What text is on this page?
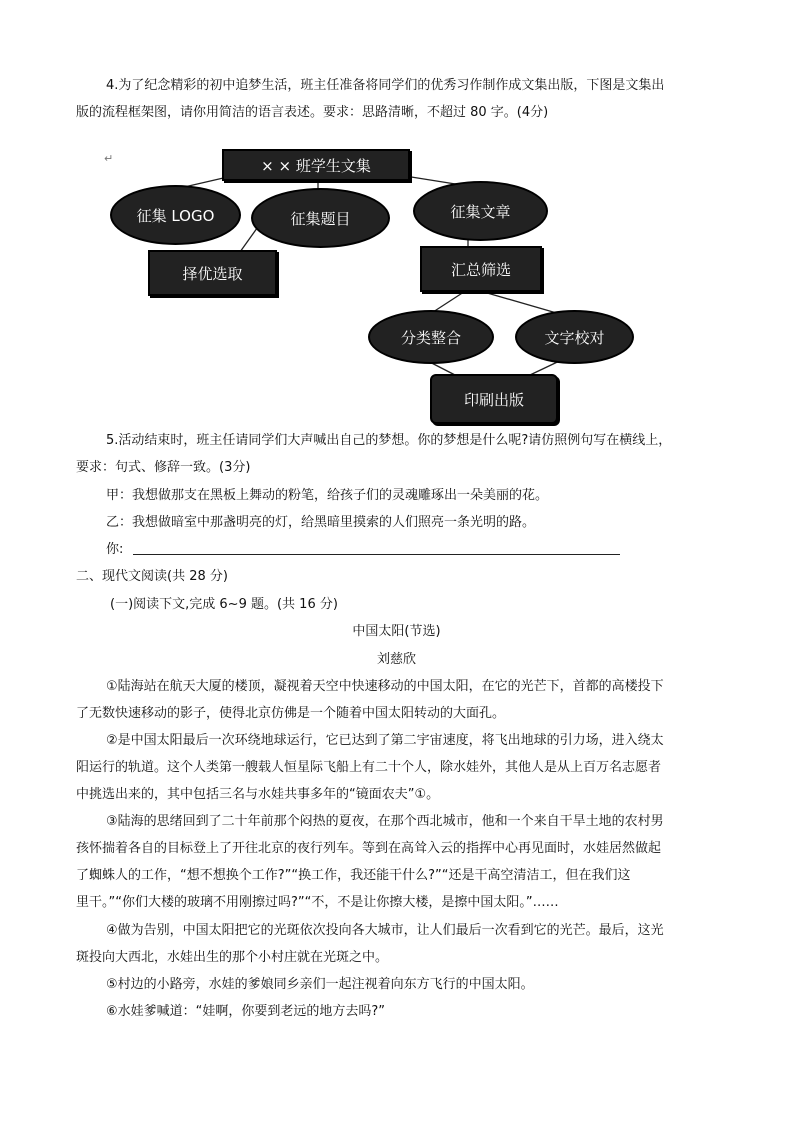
4.为了纪念精彩的初中追梦生活，班主任准备将同学们的优秀习作制作成文集出版，下图是文集出
版的流程框架图，请你用简洁的语言表述。要求：思路清晰，不超过 80 字。(4分)
↵	× × 班学生文集
征集 LOGO	征集题目	征集文章
择优选取	汇总筛选
分类整合	文字校对
印刷出版
5.活动结束时，班主任请同学们大声喊出自己的梦想。你的梦想是什么呢?请仿照例句写在横线上，
要求：句式、修辞一致。(3分)
甲：我想做那支在黑板上舞动的粉笔，给孩子们的灵魂雕琢出一朵美丽的花。
乙：我想做暗室中那盏明亮的灯，给黑暗里摸索的人们照亮一条光明的路。
你:
二、现代文阅读(共 28 分)
(一)阅读下文,完成 6~9 题。(共 16 分)
中国太阳(节选)
刘慈欣
①陆海站在航天大厦的楼顶，凝视着天空中快速移动的中国太阳，在它的光芒下，首都的高楼投下
了无数快速移动的影子，使得北京仿佛是一个随着中国太阳转动的大面孔。
②是中国太阳最后一次环绕地球运行，它已达到了第二宇宙速度，将飞出地球的引力场，进入绕太
阳运行的轨道。这个人类第一艘载人恒星际飞船上有二十个人，除水娃外，其他人是从上百万名志愿者
中挑选出来的，其中包括三名与水娃共事多年的“镜面农夫”①。
③陆海的思绪回到了二十年前那个闷热的夏夜，在那个西北城市，他和一个来自干旱土地的农村男
孩怀揣着各自的目标登上了开往北京的夜行列车。等到在高耸入云的指挥中心再见面时，水娃居然做起
了蜘蛛人的工作，“想不想换个工作?”“换工作，我还能干什么?”“还是干高空清洁工，但在我们这
里干。”“你们大楼的玻璃不用刚擦过吗?”“不，不是让你擦大楼，是擦中国太阳。”……
④做为告别，中国太阳把它的光斑依次投向各大城市，让人们最后一次看到它的光芒。最后，这光
斑投向大西北，水娃出生的那个小村庄就在光斑之中。
⑤村边的小路旁，水娃的爹娘同乡亲们一起注视着向东方飞行的中国太阳。
⑥水娃爹喊道：“娃啊，你要到老远的地方去吗?”
